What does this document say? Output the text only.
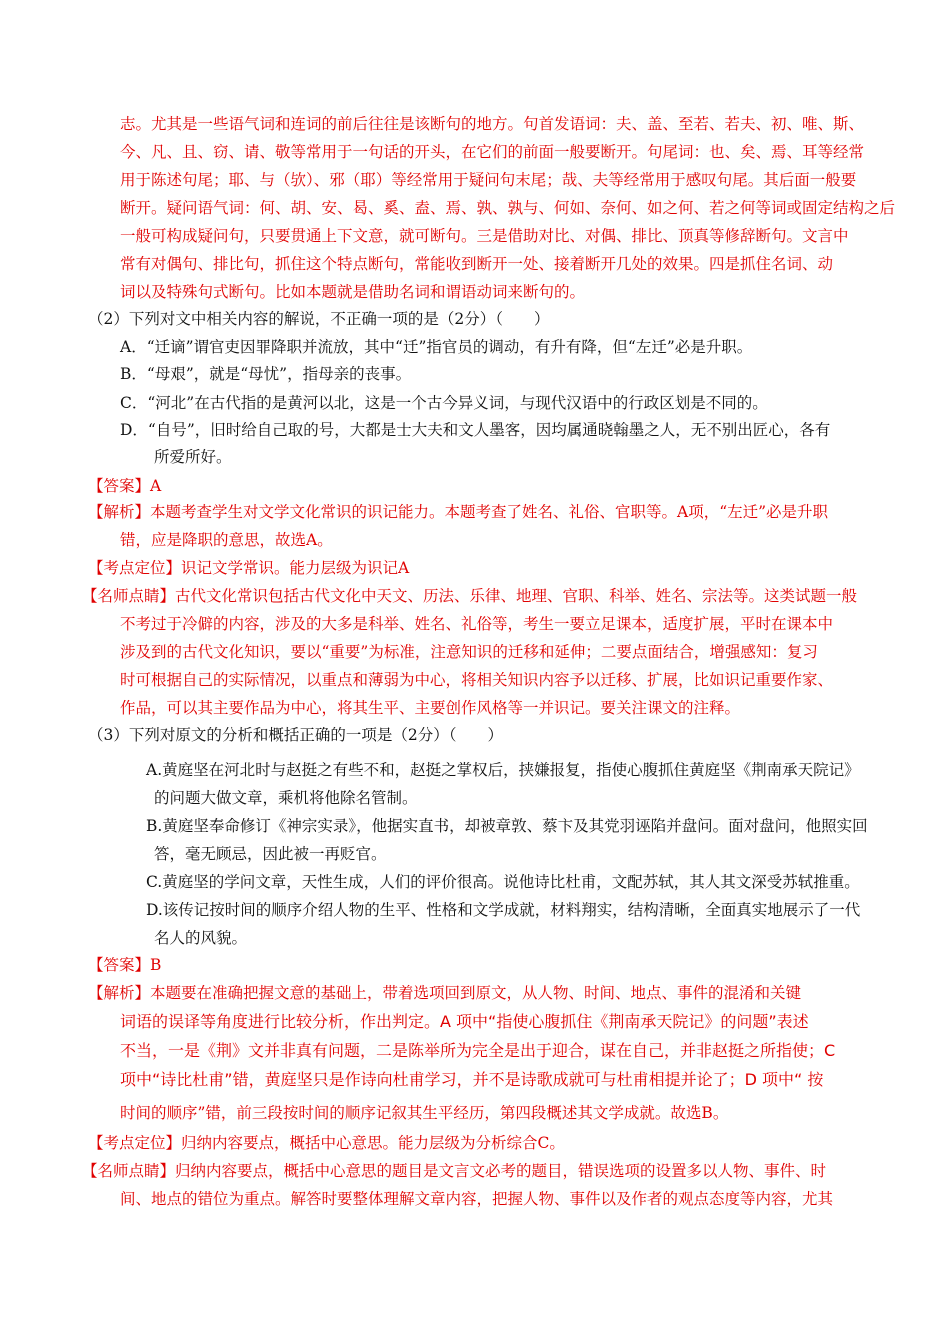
志。尤其是一些语气词和连词的前后往往是该断句的地方。句首发语词：夫、盖、至若、若夫、初、唯、斯、
今、凡、且、窃、请、敬等常用于一句话的开头，在它们的前面一般要断开。句尾词：也、矣、焉、耳等经常
用于陈述句尾；耶、与（欤）、邪（耶）等经常用于疑问句末尾；哉、夫等经常用于感叹句尾。其后面一般要
断开。疑问语气词：何、胡、安、曷、奚、盍、焉、孰、孰与、何如、奈何、如之何、若之何等词或固定结构之后
一般可构成疑问句，只要贯通上下文意，就可断句。三是借助对比、对偶、排比、顶真等修辞断句。文言中
常有对偶句、排比句，抓住这个特点断句，常能收到断开一处、接着断开几处的效果。四是抓住名词、动
词以及特殊句式断句。比如本题就是借助名词和谓语动词来断句的。
（2）下列对文中相关内容的解说，不正确一项的是（2分）（　　）
A．“迁谪”谓官吏因罪降职并流放，其中“迁”指官员的调动，有升有降，但“左迁”必是升职。
B．“母艰”，就是“母忧”，指母亲的丧事。
C．“河北”在古代指的是黄河以北，这是一个古今异义词，与现代汉语中的行政区划是不同的。
D．“自号”，旧时给自己取的号，大都是士大夫和文人墨客，因均属通晓翰墨之人，无不别出匠心，各有
所爱所好。
【答案】A
【解析】本题考查学生对文学文化常识的识记能力。本题考查了姓名、礼俗、官职等。A项，“左迁”必是升职
错，应是降职的意思，故选A。
【考点定位】识记文学常识。能力层级为识记A
【名师点睛】古代文化常识包括古代文化中天文、历法、乐律、地理、官职、科举、姓名、宗法等。这类试题一般
不考过于冷僻的内容，涉及的大多是科举、姓名、礼俗等，考生一要立足课本，适度扩展，平时在课本中
涉及到的古代文化知识，要以“重要”为标准，注意知识的迁移和延伸；二要点面结合，增强感知：复习
时可根据自己的实际情况，以重点和薄弱为中心，将相关知识内容予以迁移、扩展，比如识记重要作家、
作品，可以其主要作品为中心，将其生平、主要创作风格等一并识记。要关注课文的注释。
（3）下列对原文的分析和概括正确的一项是（2分）（　　）
A.黄庭坚在河北时与赵挺之有些不和，赵挺之掌权后，挟嫌报复，指使心腹抓住黄庭坚《荆南承天院记》
的问题大做文章，乘机将他除名管制。
B.黄庭坚奉命修订《神宗实录》，他据实直书，却被章敦、蔡卞及其党羽诬陷并盘问。面对盘问，他照实回
答，毫无顾忌，因此被一再贬官。
C.黄庭坚的学问文章，天性生成，人们的评价很高。说他诗比杜甫，文配苏轼，其人其文深受苏轼推重。
D.该传记按时间的顺序介绍人物的生平、性格和文学成就，材料翔实，结构清晰，全面真实地展示了一代
名人的风貌。
【答案】B
【解析】本题要在准确把握文意的基础上，带着选项回到原文，从人物、时间、地点、事件的混淆和关键
词语的误译等角度进行比较分析，作出判定。A 项中“指使心腹抓住《荆南承天院记》的问题”表述
不当，一是《荆》文并非真有问题，二是陈举所为完全是出于迎合，谋在自己，并非赵挺之所指使；C
项中“诗比杜甫”错，黄庭坚只是作诗向杜甫学习，并不是诗歌成就可与杜甫相提并论了；D 项中“ 按
时间的顺序”错，前三段按时间的顺序记叙其生平经历，第四段概述其文学成就。故选B。
【考点定位】归纳内容要点，概括中心意思。能力层级为分析综合C。
【名师点睛】归纳内容要点，概括中心意思的题目是文言文必考的题目，错误选项的设置多以人物、事件、时
间、地点的错位为重点。解答时要整体理解文章内容，把握人物、事件以及作者的观点态度等内容，尤其
